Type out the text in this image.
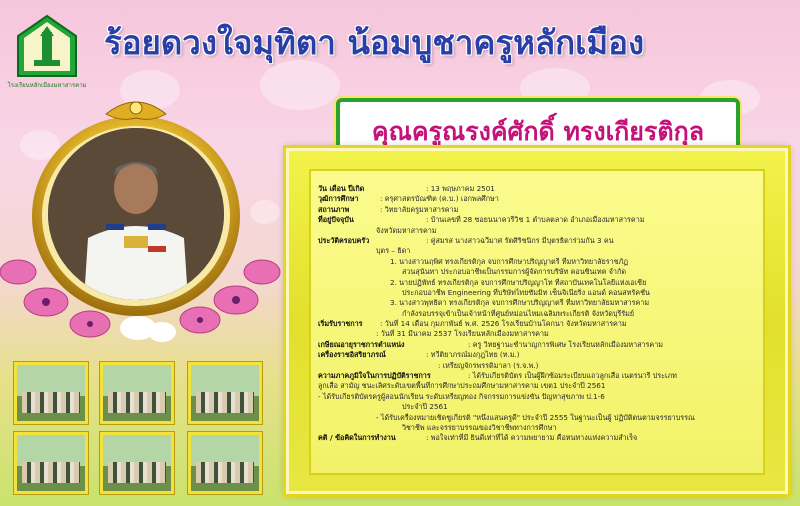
โรงเรียนหลักเมืองมหาสารคาม
ร้อยดวงใจมุทิตา น้อมบูชาครูหลักเมือง
คุณครูณรงค์ศักดิ์ ทรงเกียรติกุล
วัน เดือน ปีเกิด	: 13 พฤษภาคม 2501
วุฒิการศึกษา	: ครุศาสตรบัณฑิต (ค.บ.) เอกพลศึกษา
สถานภาพ	: วิทยาลัยครูมหาสารคาม
ที่อยู่ปัจจุบัน	: บ้านเลขที่ 28 ซอยนนาควรีวิช 1 ตำบลตลาด อำเภอเมืองมหาสารคาม
จังหวัดมหาสารคาม
ประวัติครอบครัว	: คู่สมรส นางสาวฉวีมาศ รัตศิริชนิกร มีบุตรธิดาร่วมกัน 3 คน
บุตร – ธิดา
1. นางสาวนฤพิศ ทรงเกียรติกุล จบการศึกษาปริญญาตรี ที่มหาวิทยาลัยราชภัฏ
สวนสุนันทา ประกอบอาชีพเป็นกรรมการผู้จัดการบริษัท คอนซินเทค จำกัด
2. นายปฏิพัทธ์ ทรงเกียรติกุล จบการศึกษาปริญญาโท ที่สถาบันเทคโนโลยีแห่งเอเชีย
ประกอบอาชีพ Engineering ที่บริษัทไทยซัมมิท เซ็นจิเนียริ่ง แอนด์ คอนสทรัคชั่น
3. นางสาวพุทธิดา ทรงเกียรติกุล จบการศึกษาปริญญาตรี ที่มหาวิทยาลัยมหาสารคาม
กำลังรอบรรจุเข้าเป็นเจ้าหน้าที่ศูนย์หม่อนไหมเฉลิมพระเกียรติ จังหวัดบุรีรัมย์
เริ่มรับราชการ : วันที่ 14 เดือน กุมภาพันธ์ พ.ศ. 2526 โรงเรียนบ้านโคกนา จังหวัดมหาสารคาม
: วันที่ 31 มีนาคม 2537 โรงเรียนหลักเมืองมหาสารคาม
เกษียณอายุราชการตำแหน่ง	: ครู วิทยฐานะชำนาญการพิเศษ โรงเรียนหลักเมืองมหาสารคาม
เครื่องราชอิสริยาภรณ์	: ทวีติยาภรณ์มงกุฎไทย (ท.ม.)
: เหรียญจักรพรรดิมาลา (ร.จ.พ.)
ความภาคภูมิใจในการปฏิบัติราชการ	: ได้รับเกียรติบัตร เป็นผู้ฝึกซ้อมระเบียบแถวลูกเสือ เนตรนารี ประเภท
ลูกเสือ สามัญ ชนะเลิศระดับเขตพื้นที่การศึกษาประถมศึกษามหาสารคาม เขต1 ประจำปี 2561
- ได้รับเกียรติบัตรครูผู้สอนนักเรียน ระดับเหรียญทอง กิจกรรมการแข่งขัน ปัญหาสุขภาพ ป.1-6
ประจำปี 2561
- ได้รับเครื่องหมายเชิดชูเกียรติ "หนึ่งแสนครูดี" ประจำปี 2555 ในฐานะเป็นผู้ ปฏิบัติตนตามจรรยาบรรณ
วิชาชีพ และจรรยาบรรณของวิชาชีพทางการศึกษา
คติ / ข้อคิดในการทำงาน	: พอใจเท่าที่มี ยินดีเท่าที่ได้ ความพยายาม คือหนทางแห่งความสำเร็จ
